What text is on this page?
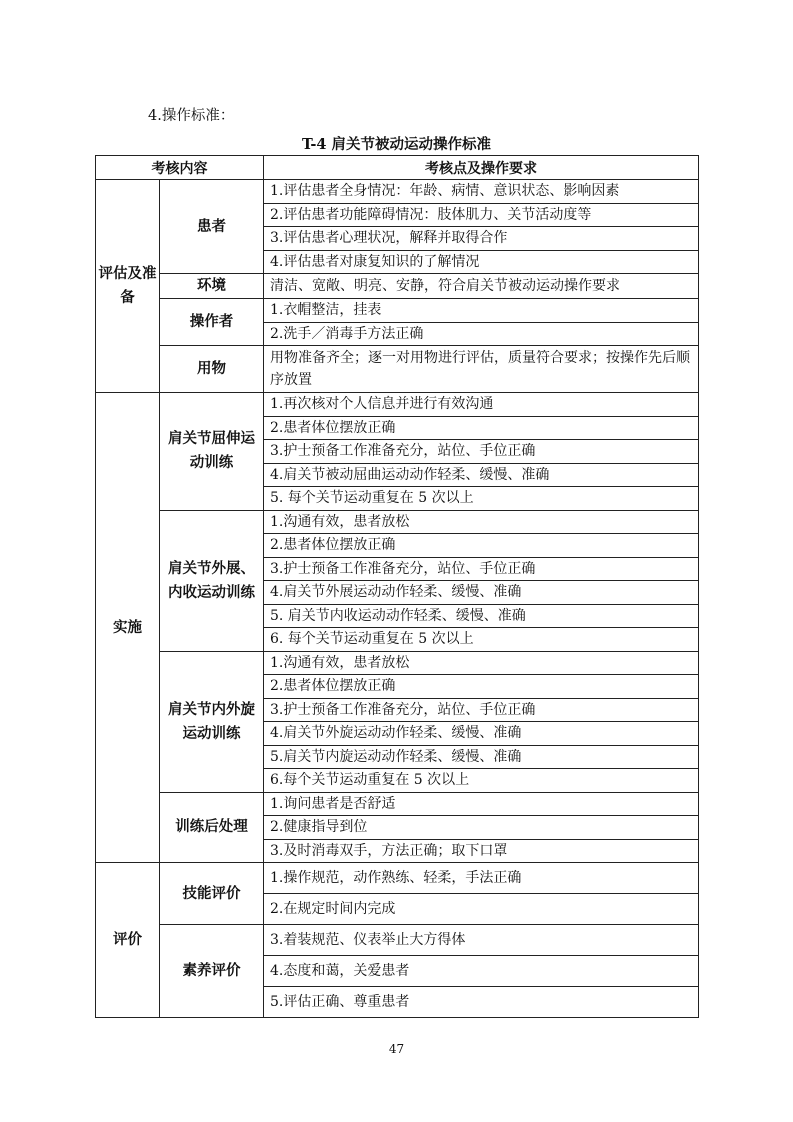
4.操作标准：
T-4 肩关节被动运动操作标准
考核内容		考核点及操作要求
评估及准备	患者	1.评估患者全身情况：年龄、病情、意识状态、影响因素
		2.评估患者功能障碍情况：肢体肌力、关节活动度等
		3.评估患者心理状况，解释并取得合作
		4.评估患者对康复知识的了解情况
	环境	清洁、宽敞、明亮、安静，符合肩关节被动运动操作要求
	操作者	1.衣帽整洁，挂表
		2.洗手／消毒手方法正确
	用物	用物准备齐全；逐一对用物进行评估，质量符合要求；按操作先后顺序放置

实施	肩关节屈伸运动训练	1.再次核对个人信息并进行有效沟通
		2.患者体位摆放正确
		3.护士预备工作准备充分，站位、手位正确
		4.肩关节被动屈曲运动动作轻柔、缓慢、准确
		5. 每个关节运动重复在 5 次以上
	肩关节外展、内收运动训练	1.沟通有效，患者放松
		2.患者体位摆放正确
		3.护士预备工作准备充分，站位、手位正确
		4.肩关节外展运动动作轻柔、缓慢、准确
		5. 肩关节内收运动动作轻柔、缓慢、准确
		6. 每个关节运动重复在 5 次以上
	肩关节内外旋运动训练	1.沟通有效，患者放松
		2.患者体位摆放正确
		3.护士预备工作准备充分，站位、手位正确
		4.肩关节外旋运动动作轻柔、缓慢、准确
		5.肩关节内旋运动动作轻柔、缓慢、准确
		6.每个关节运动重复在 5 次以上
	训练后处理	1.询问患者是否舒适
		2.健康指导到位
		3.及时消毒双手，方法正确；取下口罩
评价	技能评价	1.操作规范，动作熟练、轻柔，手法正确
		2.在规定时间内完成
	素养评价	3.着装规范、仪表举止大方得体
		4.态度和蔼，关爱患者
		5.评估正确、尊重患者
47
